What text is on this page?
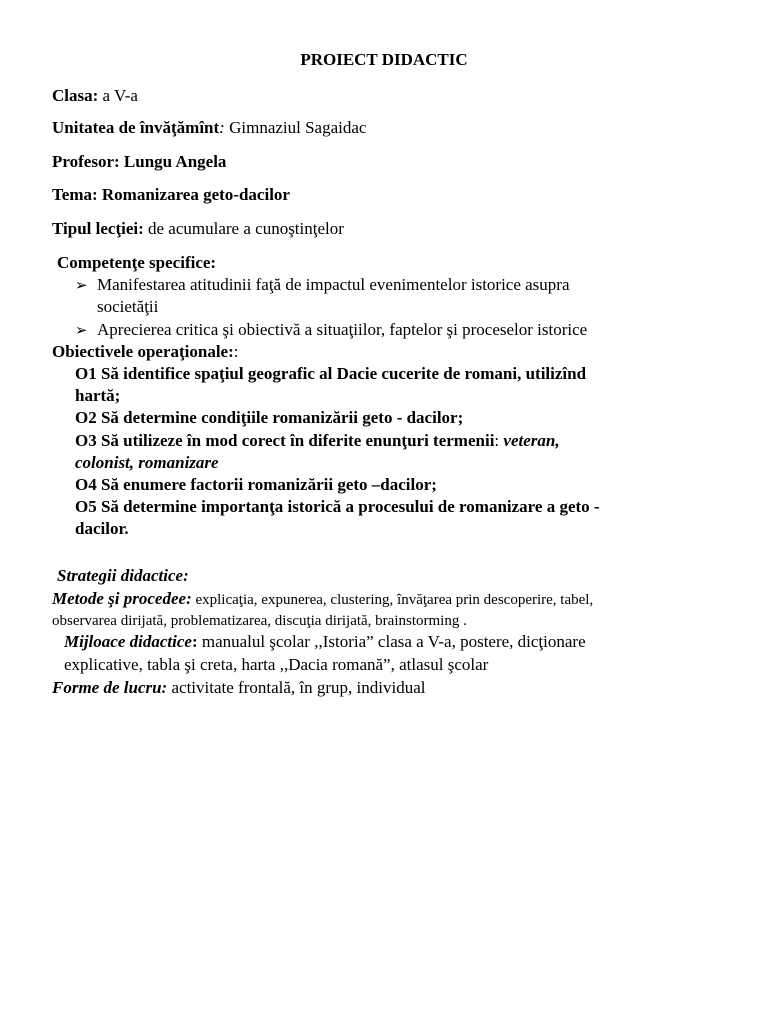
PROIECT DIDACTIC
Clasa: a V-a
Unitatea de învăţămînt: Gimnaziul Sagaidac
Profesor: Lungu Angela
Tema: Romanizarea geto-dacilor
Tipul lecţiei: de acumulare a cunoştinţelor
Competenţe specifice:
➢ Manifestarea atitudinii faţă de impactul evenimentelor istorice asupra
societăţii
➢ Aprecierea critica şi obiectivă a situaţiilor, faptelor şi proceselor istorice
Obiectivele operaţionale::
O1 Să identifice spaţiul geografic al Dacie cucerite de romani, utilizînd
hartă;
O2 Să determine condiţiile romanizării geto - dacilor;
O3 Să utilizeze în mod corect în diferite enunţuri termenii: veteran,
colonist, romanizare
O4 Să enumere factorii romanizării geto –dacilor;
O5 Să determine importanţa istorică a procesului de romanizare a geto -
dacilor.
Strategii didactice:
Metode şi procedee: explicaţia, expunerea, clustering, învăţarea prin descoperire, tabel,
observarea dirijată, problematizarea, discuţia dirijată, brainstorming .
Mijloace didactice: manualul şcolar ,,Istoria” clasa a V-a, postere, dicţionare
explicative, tabla şi creta, harta ,,Dacia romană”, atlasul şcolar
Forme de lucru: activitate frontală, în grup, individual
